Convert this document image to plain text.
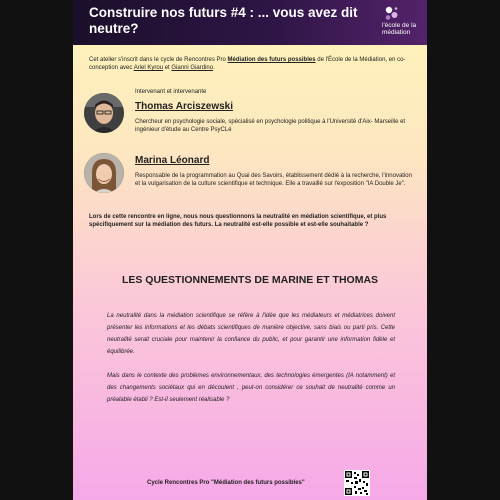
Construire nos futurs #4 : ... vous avez dit neutre?	l'école de la
médiation
Cet atelier s'inscrit dans le cycle de Rencontres Pro Médiation des futurs possibles de l'École de la Médiation, en co-conception avec Ariel Kyrou et Gianni Giardino.
Intervenant et intervenante
Thomas Arciszewski
Chercheur en psychologie sociale, spécialisé en psychologie politique à l'Université d'Aix- Marseille et ingénieur d'étude au Centre PsyCLé
Marina Léonard
Responsable de la programmation au Quai des Savoirs, établissement dédié à la recherche, l'innovation et la vulgarisation de la culture scientifique et technique. Elle a travaillé sur l'exposition "IA Double Je".
Lors de cette rencontre en ligne, nous nous questionnons la neutralité en médiation scientifique, et plus spécifiquement sur la médiation des futurs. La neutralité est-elle possible et est-elle souhaitable ?
LES QUESTIONNEMENTS DE MARINE ET THOMAS
La neutralité dans la médiation scientifique se réfère à l'idée que les médiateurs et médiatrices doivent présenter les informations et les débats scientifiques de manière objective, sans biais ou parti pris. Cette neutralité serait cruciale pour maintenir la confiance du public, et pour garantir une information fidèle et équilibrée.
Mais dans le contexte des problèmes environnementaux, des technologies émergentes (IA notamment) et des changements sociétaux qui en découlent , peut-on considérer ce souhait de neutralité comme un préalable établi ? Est-il seulement réalisable ?
Cycle Rencontres Pro "Médiation des futurs possibles"
